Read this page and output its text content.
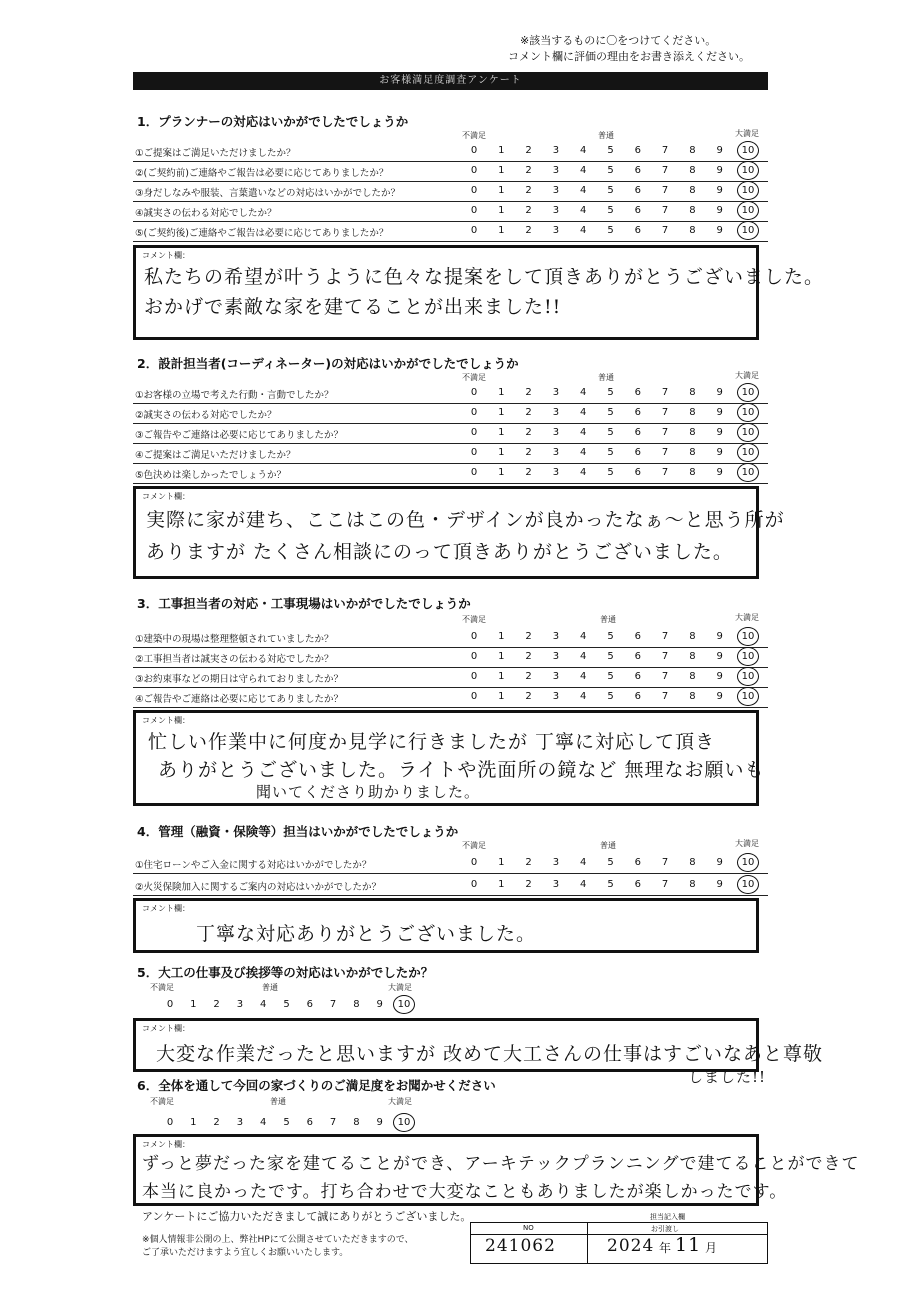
※該当するものに〇をつけてください。
コメント欄に評価の理由をお書き添えください。
お客様満足度調査アンケート
1．プランナーの対応はいかがでしたでしょうか
不満足	普通	大満足
①ご提案はご満足いただけましたか？	0	1	2	3	4	5	6	7	8	9	10
②(ご契約前)ご連絡やご報告は必要に応じてありましたか？	0	1	2	3	4	5	6	7	8	9	10
③身だしなみや服装、言葉遣いなどの対応はいかがでしたか？	0	1	2	3	4	5	6	7	8	9	10
④誠実さの伝わる対応でしたか？	0	1	2	3	4	5	6	7	8	9	10
⑤(ご契約後)ご連絡やご報告は必要に応じてありましたか？	0	1	2	3	4	5	6	7	8	9	10
コメント欄：
私たちの希望が叶うように色々な提案をして頂きありがとうございました。
おかげで素敵な家を建てることが出来ました!!
2．設計担当者(コーディネーター)の対応はいかがでしたでしょうか
不満足	普通	大満足
①お客様の立場で考えた行動・言動でしたか？	0	1	2	3	4	5	6	7	8	9	10
②誠実さの伝わる対応でしたか？	0	1	2	3	4	5	6	7	8	9	10
③ご報告やご連絡は必要に応じてありましたか？	0	1	2	3	4	5	6	7	8	9	10
④ご提案はご満足いただけましたか？	0	1	2	3	4	5	6	7	8	9	10
⑤色決めは楽しかったでしょうか？	0	1	2	3	4	5	6	7	8	9	10
コメント欄：
実際に家が建ち、ここはこの色・デザインが良かったなぁ～と思う所が
ありますが たくさん相談にのって頂きありがとうございました。
3．工事担当者の対応・工事現場はいかがでしたでしょうか
不満足	普通	大満足
①建築中の現場は整理整頓されていましたか？	0	1	2	3	4	5	6	7	8	9	10
②工事担当者は誠実さの伝わる対応でしたか？	0	1	2	3	4	5	6	7	8	9	10
③お約束事などの期日は守られておりましたか？	0	1	2	3	4	5	6	7	8	9	10
④ご報告やご連絡は必要に応じてありましたか？	0	1	2	3	4	5	6	7	8	9	10
コメント欄：
忙しい作業中に何度か見学に行きましたが 丁寧に対応して頂き
ありがとうございました。ライトや洗面所の鏡など 無理なお願いも
聞いてくださり助かりました。
4．管理（融資・保険等）担当はいかがでしたでしょうか
不満足	普通	大満足
①住宅ローンやご入金に関する対応はいかがでしたか？	0	1	2	3	4	5	6	7	8	9	10
②火災保険加入に関するご案内の対応はいかがでしたか？	0	1	2	3	4	5	6	7	8	9	10
コメント欄：
丁寧な対応ありがとうございました。
5．大工の仕事及び挨拶等の対応はいかがでしたか？
不満足	普通	大満足
0	1	2	3	4	5	6	7	8	9	10
コメント欄：
大変な作業だったと思いますが 改めて大工さんの仕事はすごいなあと尊敬
しました!!
6．全体を通して今回の家づくりのご満足度をお聞かせください
不満足	普通	大満足
0	1	2	3	4	5	6	7	8	9	10
コメント欄：
ずっと夢だった家を建てることができ、アーキテックプランニングで建てることができて
本当に良かったです。打ち合わせで大変なこともありましたが楽しかったです。
アンケートにご協力いただきまして誠にありがとうございました。
※個人情報非公開の上、弊社HPにて公開させていただきますので、
ご了承いただけますよう宜しくお願いいたします。
担当記入欄
NO	お引渡し
241062	2024 年 11 月
